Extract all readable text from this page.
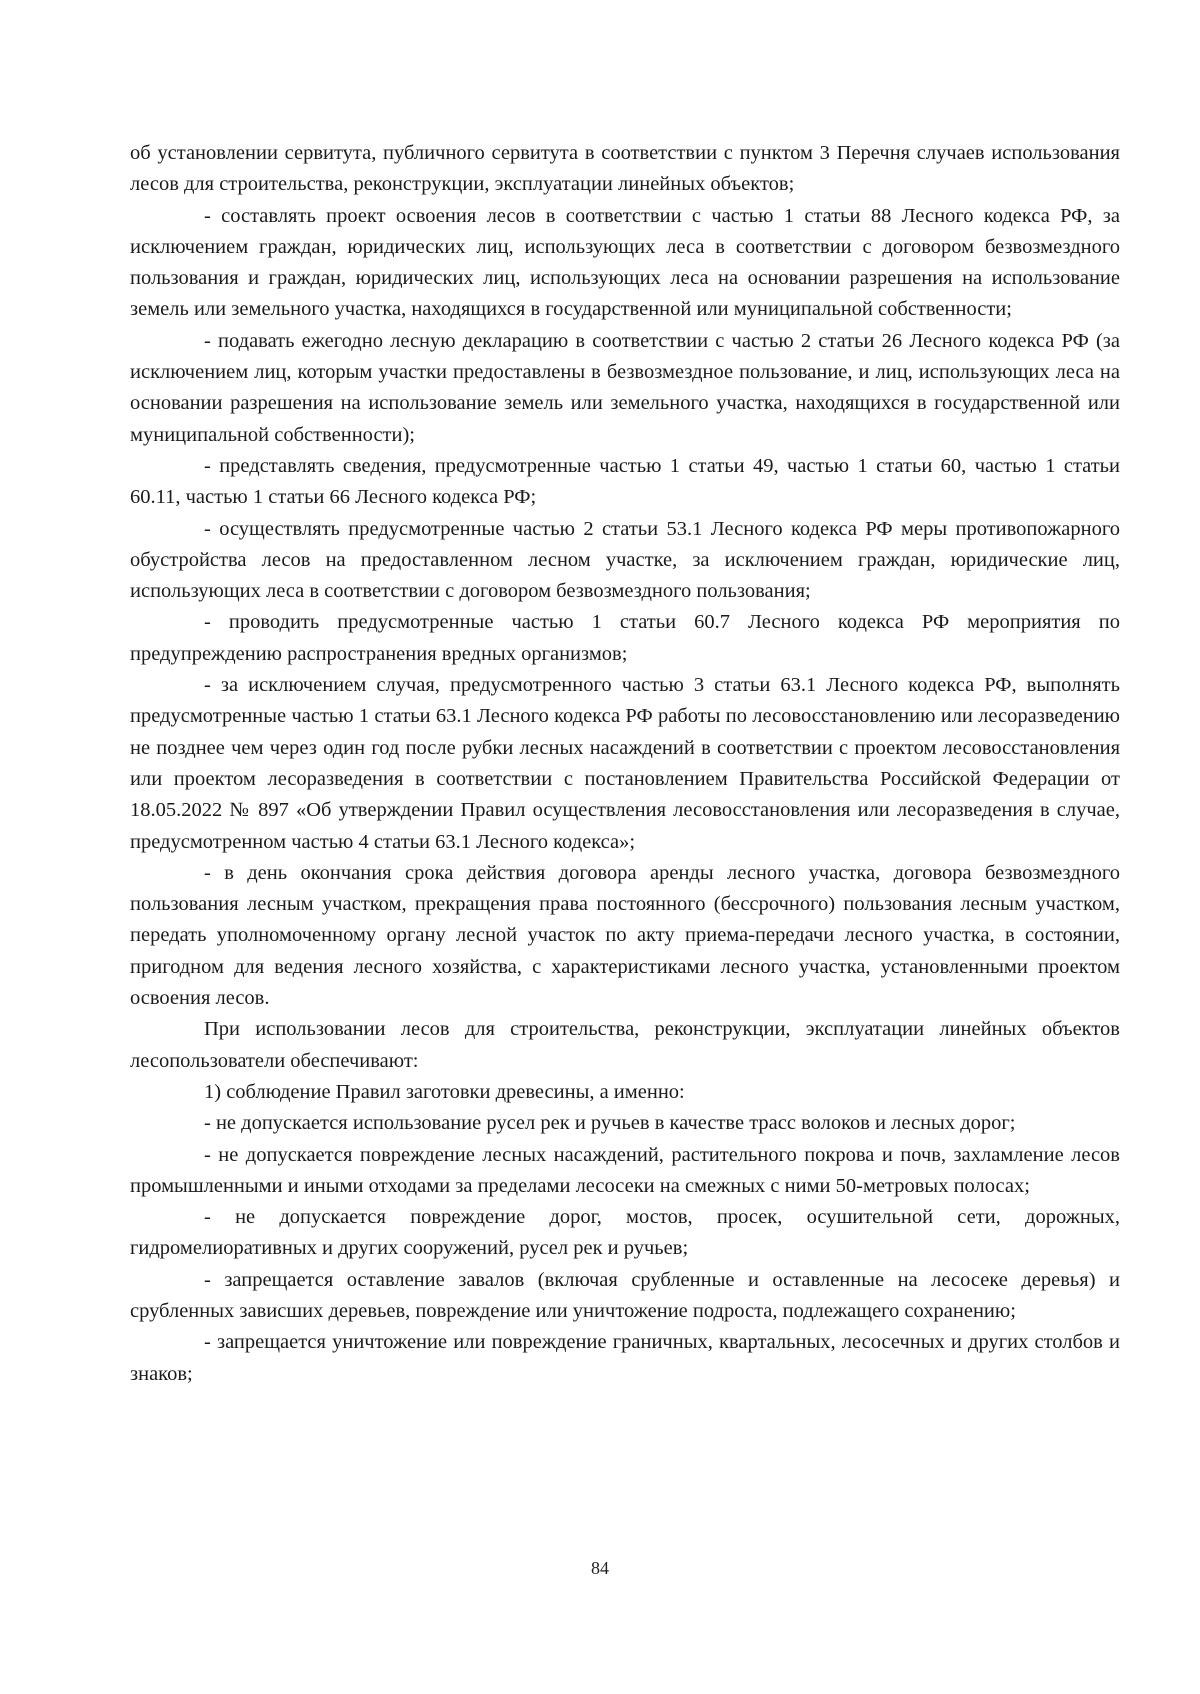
об установлении сервитута, публичного сервитута в соответствии с пунктом 3 Перечня случаев использования лесов для строительства, реконструкции, эксплуатации линейных объектов;

- составлять проект освоения лесов в соответствии с частью 1 статьи 88 Лесного кодекса РФ, за исключением граждан, юридических лиц, использующих леса в соответствии с договором безвозмездного пользования и граждан, юридических лиц, использующих леса на основании разрешения на использование земель или земельного участка, находящихся в государственной или муниципальной собственности;

- подавать ежегодно лесную декларацию в соответствии с частью 2 статьи 26 Лесного кодекса РФ (за исключением лиц, которым участки предоставлены в безвозмездное пользование, и лиц, использующих леса на основании разрешения на использование земель или земельного участка, находящихся в государственной или муниципальной собственности);

- представлять сведения, предусмотренные частью 1 статьи 49, частью 1 статьи 60, частью 1 статьи 60.11, частью 1 статьи 66 Лесного кодекса РФ;

- осуществлять предусмотренные частью 2 статьи 53.1 Лесного кодекса РФ меры противопожарного обустройства лесов на предоставленном лесном участке, за исключением граждан, юридические лиц, использующих леса в соответствии с договором безвозмездного пользования;

- проводить предусмотренные частью 1 статьи 60.7 Лесного кодекса РФ мероприятия по предупреждению распространения вредных организмов;

- за исключением случая, предусмотренного частью 3 статьи 63.1 Лесного кодекса РФ, выполнять предусмотренные частью 1 статьи 63.1 Лесного кодекса РФ работы по лесовосстановлению или лесоразведению не позднее чем через один год после рубки лесных насаждений в соответствии с проектом лесовосстановления или проектом лесоразведения в соответствии с постановлением Правительства Российской Федерации от 18.05.2022 № 897 «Об утверждении Правил осуществления лесовосстановления или лесоразведения в случае, предусмотренном частью 4 статьи 63.1 Лесного кодекса»;

- в день окончания срока действия договора аренды лесного участка, договора безвозмездного пользования лесным участком, прекращения права постоянного (бессрочного) пользования лесным участком, передать уполномоченному органу лесной участок по акту приема-передачи лесного участка, в состоянии, пригодном для ведения лесного хозяйства, с характеристиками лесного участка, установленными проектом освоения лесов.

При использовании лесов для строительства, реконструкции, эксплуатации линейных объектов лесопользователи обеспечивают:

1) соблюдение Правил заготовки древесины, а именно:

- не допускается использование русел рек и ручьев в качестве трасс волоков и лесных дорог;

- не допускается повреждение лесных насаждений, растительного покрова и почв, захламление лесов промышленными и иными отходами за пределами лесосеки на смежных с ними 50-метровых полосах;

- не допускается повреждение дорог, мостов, просек, осушительной сети, дорожных, гидромелиоративных и других сооружений, русел рек и ручьев;

- запрещается оставление завалов (включая срубленные и оставленные на лесосеке деревья) и срубленных зависших деревьев, повреждение или уничтожение подроста, подлежащего сохранению;

- запрещается уничтожение или повреждение граничных, квартальных, лесосечных и других столбов и знаков;

84
